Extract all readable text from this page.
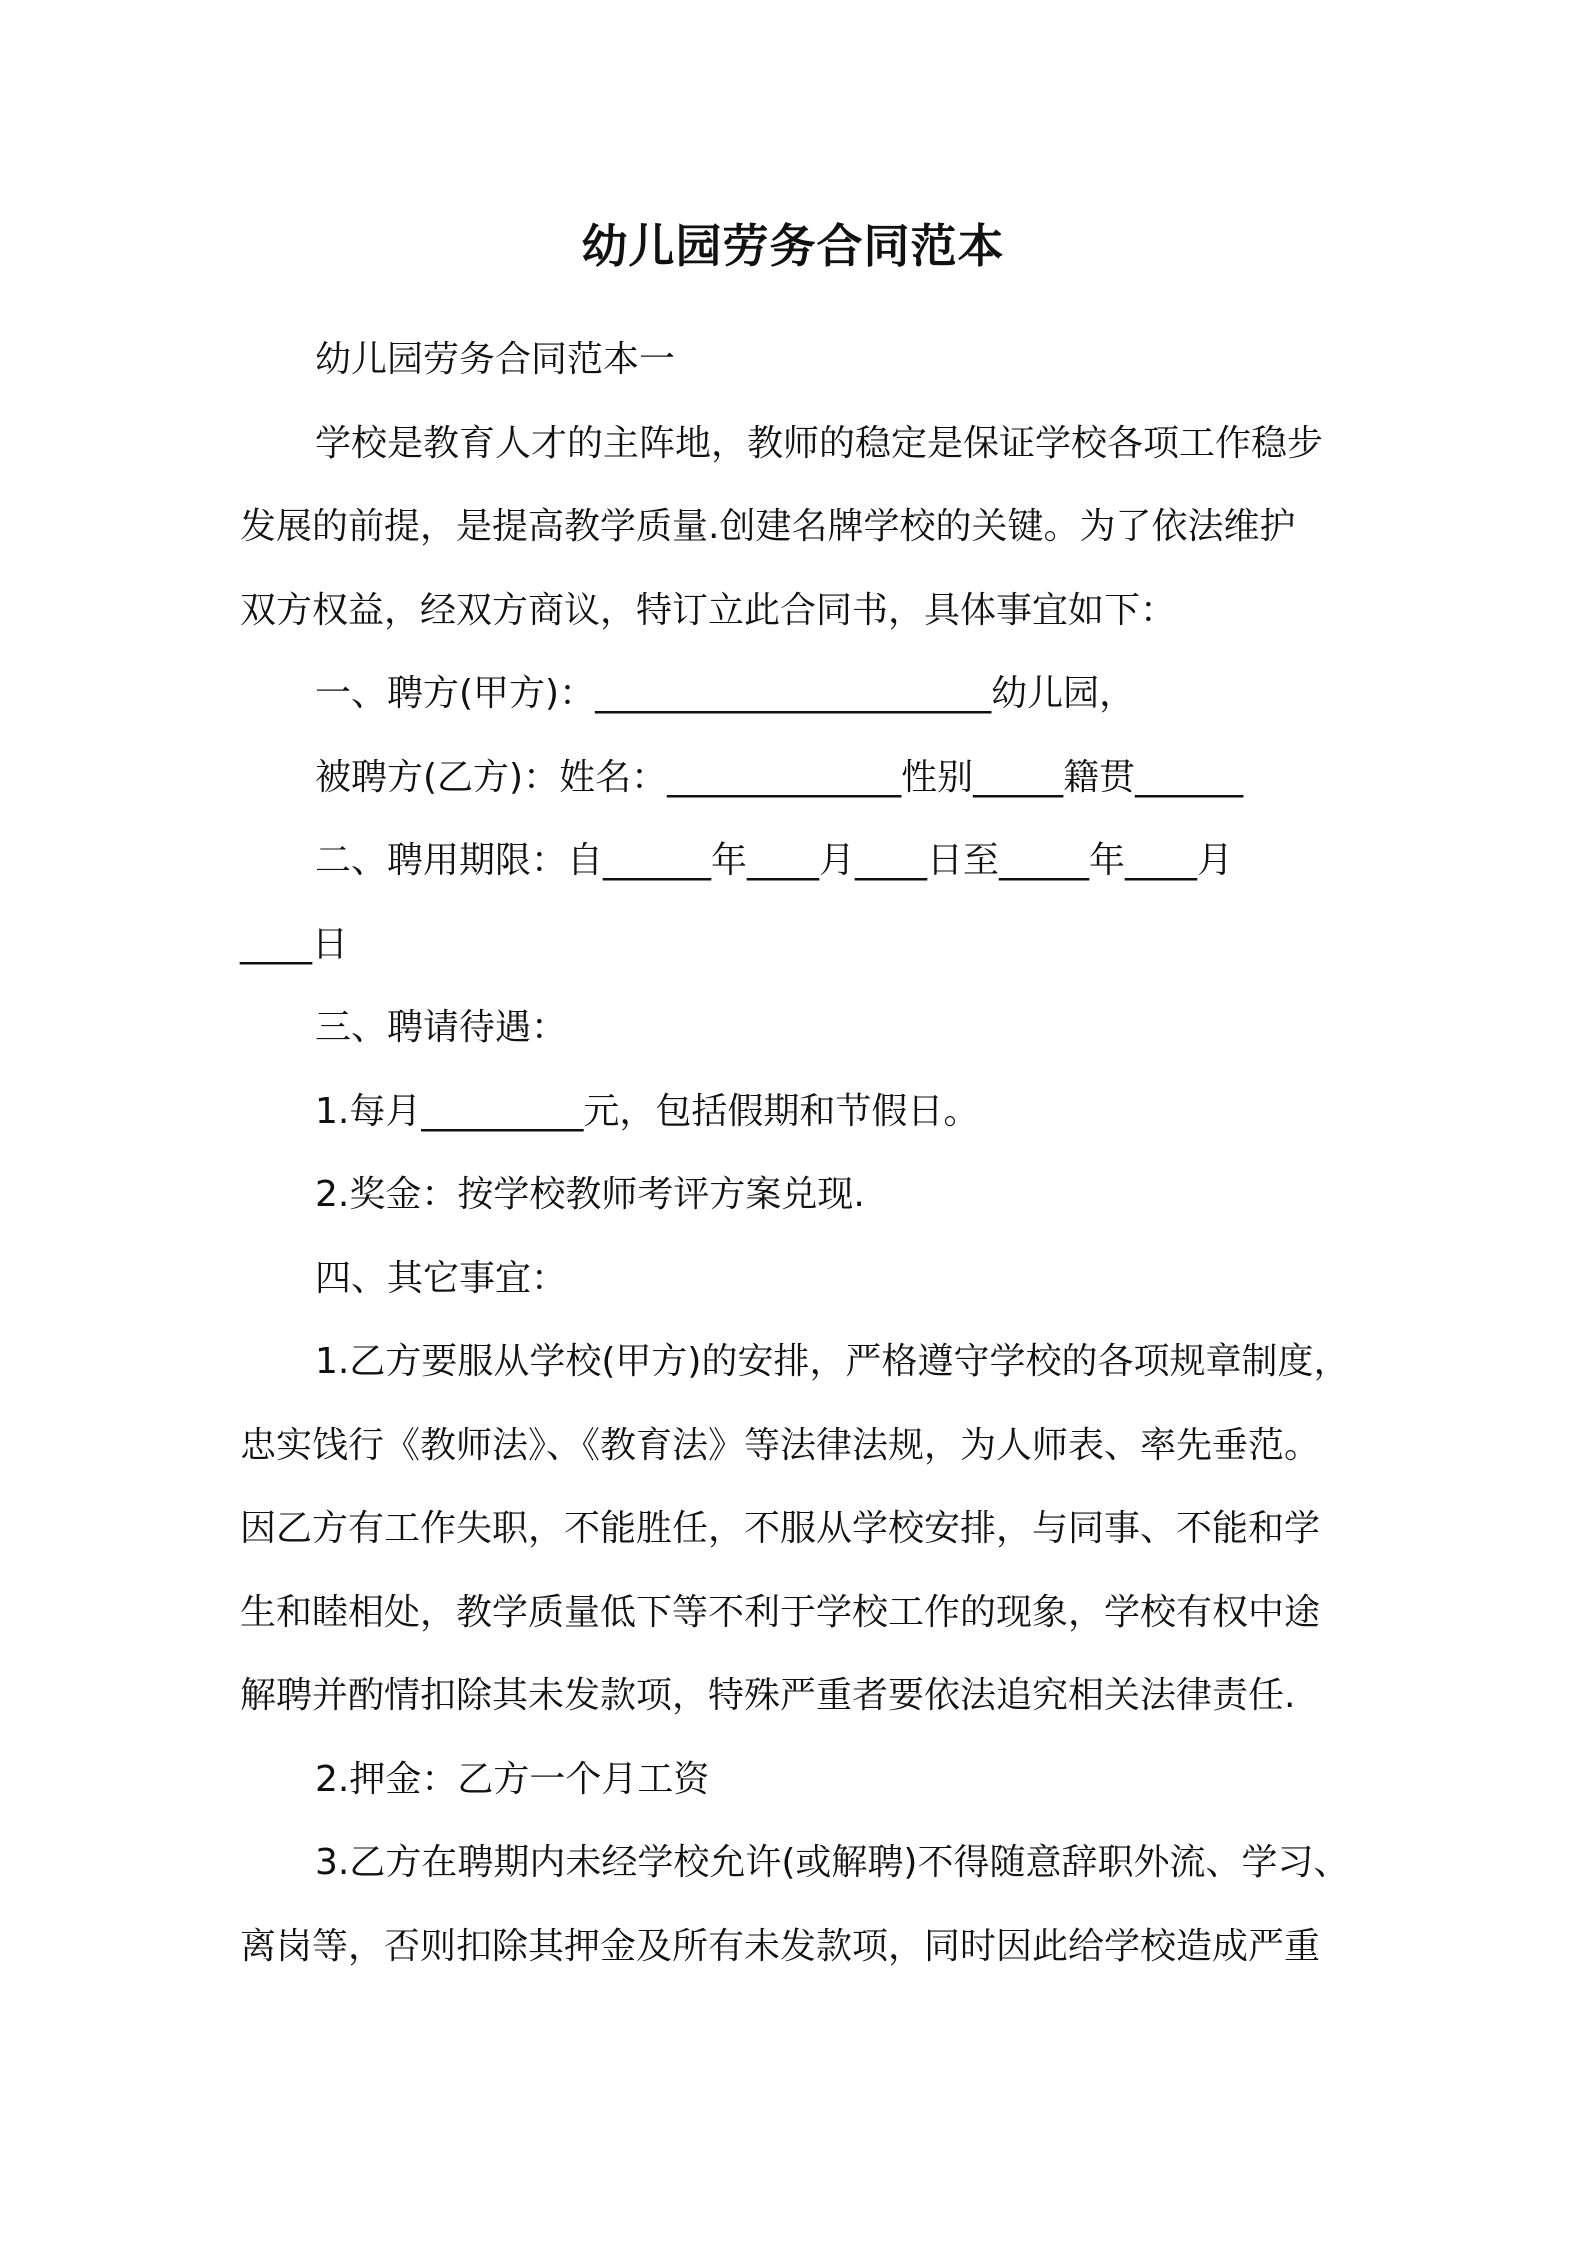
幼儿园劳务合同范本
幼儿园劳务合同范本一
学校是教育人才的主阵地，教师的稳定是保证学校各项工作稳步
发展的前提，是提高教学质量.创建名牌学校的关键。为了依法维护
双方权益，经双方商议，特订立此合同书，具体事宜如下：
一、聘方(甲方)：______________________幼儿园，
被聘方(乙方)：姓名：_____________性别_____籍贯______
二、聘用期限：自______年____月____日至_____年____月
____日
三、聘请待遇：
1.每月_________元，包括假期和节假日。
2.奖金：按学校教师考评方案兑现.
四、其它事宜：
1.乙方要服从学校(甲方)的安排，严格遵守学校的各项规章制度，
忠实饯行《教师法》、《教育法》等法律法规，为人师表、率先垂范。
因乙方有工作失职，不能胜任，不服从学校安排，与同事、不能和学
生和睦相处，教学质量低下等不利于学校工作的现象，学校有权中途
解聘并酌情扣除其未发款项，特殊严重者要依法追究相关法律责任.
2.押金：乙方一个月工资
3.乙方在聘期内未经学校允许(或解聘)不得随意辞职外流、学习、
离岗等，否则扣除其押金及所有未发款项，同时因此给学校造成严重
